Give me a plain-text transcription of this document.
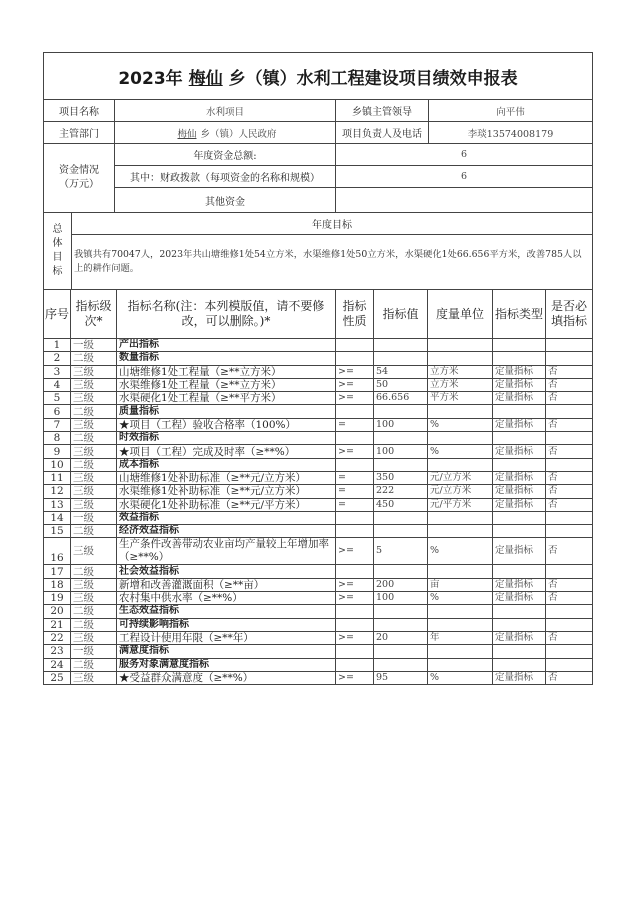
2023年 梅仙 乡（镇）水利工程建设项目绩效申报表			
项目名称	水利项目	乡镇主管领导	向平伟
主管部门	梅仙 乡（镇）人民政府	项目负责人及电话	李琰13574008179
资金情况（万元）	年度资金总额:	6	
	其中：财政拨款（每项资金的名称和规模）	6	
	其他资金		
总
体
目
标
	年度目标
我镇共有70047人，2023年共山塘维修1处54立方米，水渠维修1处50立方米，水渠硬化1处66.656平方米，改善785人以上的耕作问题。
序号	指标级次*	指标名称(注：本列模版值，请不要修改，可以删除。)*	指标性质	指标值	度量单位	指标类型	是否必填指标
1	一级	产出指标					
2	二级	数量指标					
3	三级	山塘维修1处工程量（≥**立方米）	>=	54	立方米	定量指标	否
4	三级	水渠维修1处工程量（≥**立方米）	>=	50	立方米	定量指标	否
5	三级	水渠硬化1处工程量（≥**平方米）	>=	66.656	平方米	定量指标	否
6	二级	质量指标					
7	三级	★项目（工程）验收合格率（100%）	=	100	%	定量指标	否
8	二级	时效指标					
9	三级	★项目（工程）完成及时率（≥**%）	>=	100	%	定量指标	否
10	二级	成本指标					
11	三级	山塘维修1处补助标准（≥**元/立方米）	=	350	元/立方米	定量指标	否
12	三级	水渠维修1处补助标准（≥**元/立方米）	=	222	元/立方米	定量指标	否
13	三级	水渠硬化1处补助标准（≥**元/平方米）	=	450	元/平方米	定量指标	否
14	一级	效益指标					
15	二级	经济效益指标					
16	三级	生产条件改善带动农业亩均产量较上年增加率（≥**%）	>=	5	%	定量指标	否
17	二级	社会效益指标					
18	三级	新增和改善灌溉面积（≥**亩）	>=	200	亩	定量指标	否
19	三级	农村集中供水率（≥**%）	>=	100	%	定量指标	否
20	二级	生态效益指标					
21	二级	可持续影响指标					
22	三级	工程设计使用年限（≥**年）	>=	20	年	定量指标	否
23	一级	满意度指标					
24	二级	服务对象满意度指标					
25	三级	★受益群众满意度（≥**%）	>=	95	%	定量指标	否
